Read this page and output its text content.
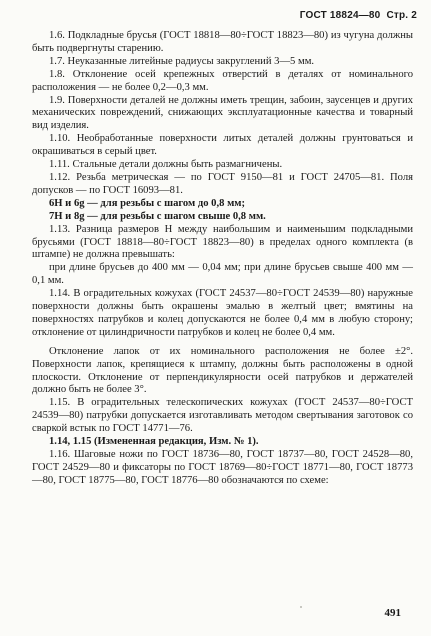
ГОСТ 18824—80 Стр. 2

1.6. Подкладные брусья (ГОСТ 18818—80÷ГОСТ 18823—80) из чугуна должны быть подвергнуты старению.

1.7. Неуказанные литейные радиусы закруглений 3—5 мм.

1.8. Отклонение осей крепежных отверстий в деталях от номинального расположения — не более 0,2—0,3 мм.

1.9. Поверхности деталей не должны иметь трещин, забоин, заусенцев и других механических повреждений, снижающих эксплуатационные качества и товарный вид изделия.

1.10. Необработанные поверхности литых деталей должны грунтоваться и окрашиваться в серый цвет.

1.11. Стальные детали должны быть размагничены.

1.12. Резьба метрическая — по ГОСТ 9150—81 и ГОСТ 24705—81. Поля допусков — по ГОСТ 16093—81.

6H и 6g — для резьбы с шагом до 0,8 мм;

7H и 8g — для резьбы с шагом свыше 0,8 мм.

1.13. Разница размеров H между наибольшим и наименьшим подкладными брусьями (ГОСТ 18818—80÷ГОСТ 18823—80) в пределах одного комплекта (в штампе) не должна превышать:

при длине брусьев до 400 мм — 0,04 мм; при длине брусьев свыше 400 мм — 0,1 мм.

1.14. В оградительных кожухах (ГОСТ 24537—80÷ГОСТ 24539—80) наружные поверхности должны быть окрашены эмалью в желтый цвет; вмятины на поверхностях патрубков и колец допускаются не более 0,4 мм в любую сторону; отклонение от цилиндричности патрубков и колец не более 0,4 мм.

Отклонение лапок от их номинального расположения не более ±2°. Поверхности лапок, крепящиеся к штампу, должны быть расположены в одной плоскости. Отклонение от перпендикулярности осей патрубков и держателей должно быть не более 3°.

1.15. В оградительных телескопических кожухах (ГОСТ 24537—80÷ГОСТ 24539—80) патрубки допускается изготавливать методом свертывания заготовок со сваркой встык по ГОСТ 14771—76.

1.14, 1.15 (Измененная редакция, Изм. № 1).

1.16. Шаговые ножи по ГОСТ 18736—80, ГОСТ 18737—80, ГОСТ 24528—80, ГОСТ 24529—80 и фиксаторы по ГОСТ 18769—80÷ГОСТ 18771—80, ГОСТ 18773—80, ГОСТ 18775—80, ГОСТ 18776—80 обозначаются по схеме:

491
